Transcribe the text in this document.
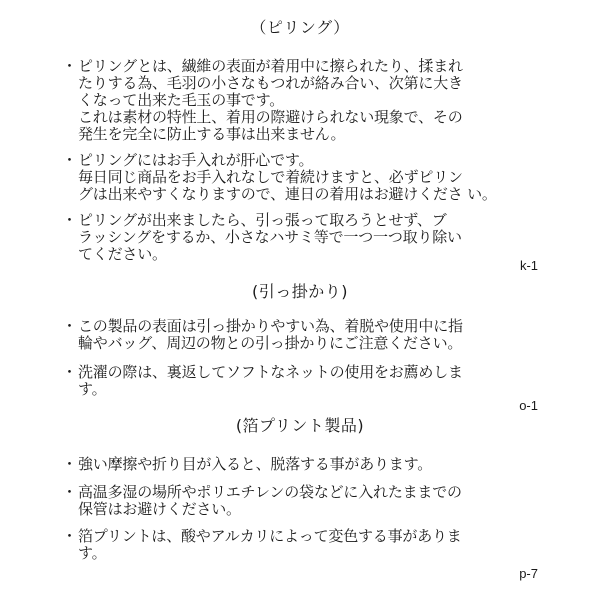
（ピリング）
・ ピリングとは、繊維の表面が着用中に擦られたり、揉まれ
たりする為、毛羽の小さなもつれが絡み合い、次第に大き
くなって出来た毛玉の事です。
これは素材の特性上、着用の際避けられない現象で、その
発生を完全に防止する事は出来ません。
・ ピリングにはお手入れが肝心です。
毎日同じ商品をお手入れなしで着続けますと、必ずピリン
グは出来やすくなりますので、連日の着用はお避けくださ い。
・ ピリングが出来ましたら、引っ張って取ろうとせず、ブ
ラッシングをするか、小さなハサミ等で一つ一つ取り除い
てください。
k-1
(引っ掛かり)
・ この製品の表面は引っ掛かりやすい為、着脱や使用中に指
輪やバッグ、周辺の物との引っ掛かりにご注意ください。
・ 洗濯の際は、裏返してソフトなネットの使用をお薦めしま
す。
o-1
(箔プリント製品)
・ 強い摩擦や折り目が入ると、脱落する事があります。
・ 高温多湿の場所やポリエチレンの袋などに入れたままでの
保管はお避けください。
・ 箔プリントは、酸やアルカリによって変色する事がありま
す。
p-7
